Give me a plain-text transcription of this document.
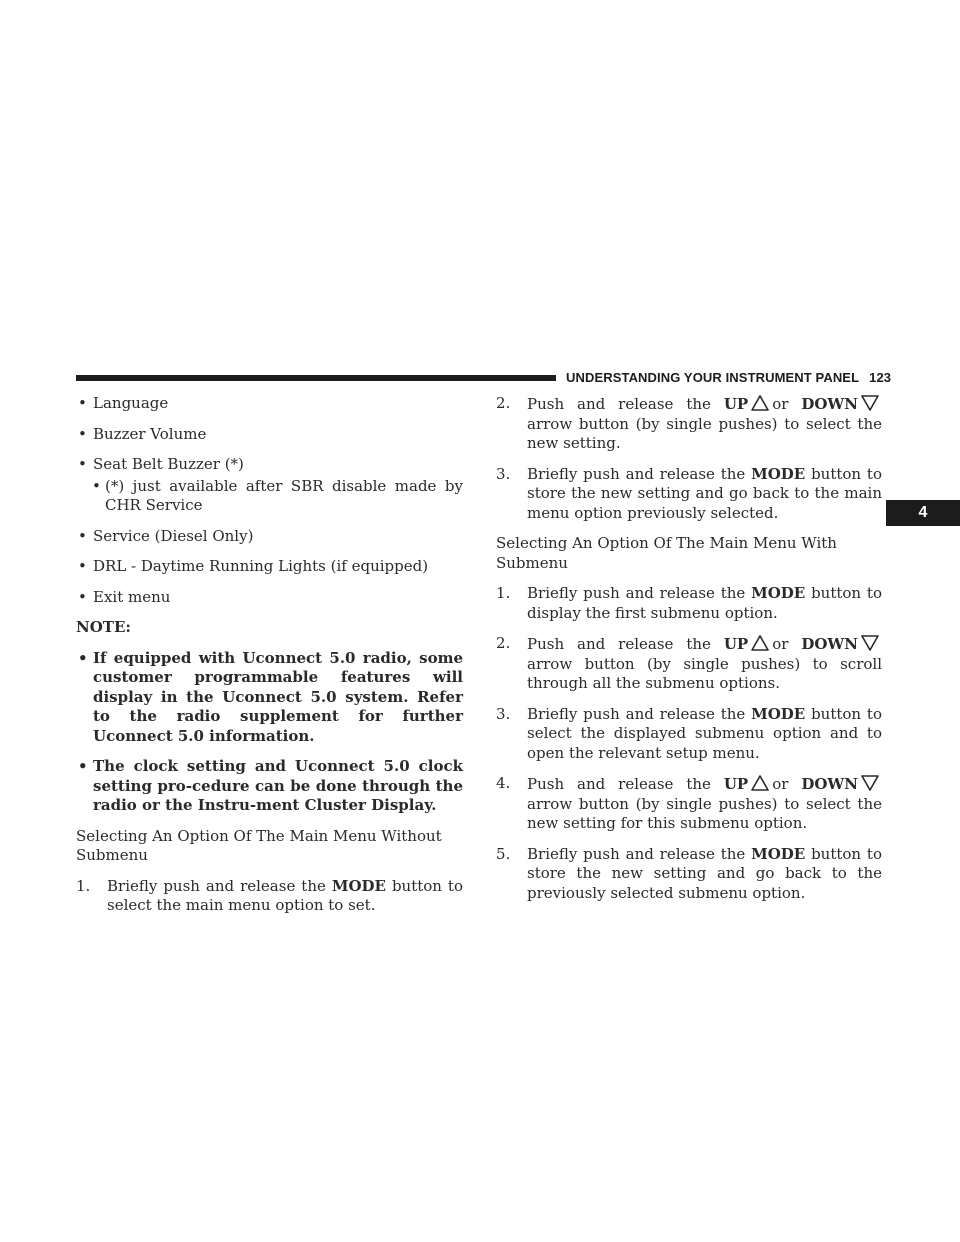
UNDERSTANDING YOUR INSTRUMENT PANEL 123
4
• Language
• Buzzer Volume
• Seat Belt Buzzer (*)
• (*) just available after SBR disable made by CHR Service
• Service (Diesel Only)
• DRL - Daytime Running Lights (if equipped)
• Exit menu
NOTE:
• If equipped with Uconnect 5.0 radio, some customer programmable features will display in the Uconnect 5.0 system. Refer to the radio supplement for further Uconnect 5.0 information.
• The clock setting and Uconnect 5.0 clock setting pro-cedure can be done through the radio or the Instru-ment Cluster Display.
Selecting An Option Of The Main Menu Without Submenu
1. Briefly push and release the MODE button to select the main menu option to set.
2. Push and release the UP or DOWNarrow button (by single pushes) to select the new setting.
3. Briefly push and release the MODE button to store the new setting and go back to the main menu option previously selected.
Selecting An Option Of The Main Menu With Submenu
1. Briefly push and release the MODE button to display the first submenu option.
2. Push and release the UP or DOWNarrow button (by single pushes) to scroll through all the submenu options.
3. Briefly push and release the MODE button to select the displayed submenu option and to open the relevant setup menu.
4. Push and release the UP or DOWNarrow button (by single pushes) to select the new setting for this submenu option.
5. Briefly push and release the MODE button to store the new setting and go back to the previously selected submenu option.
